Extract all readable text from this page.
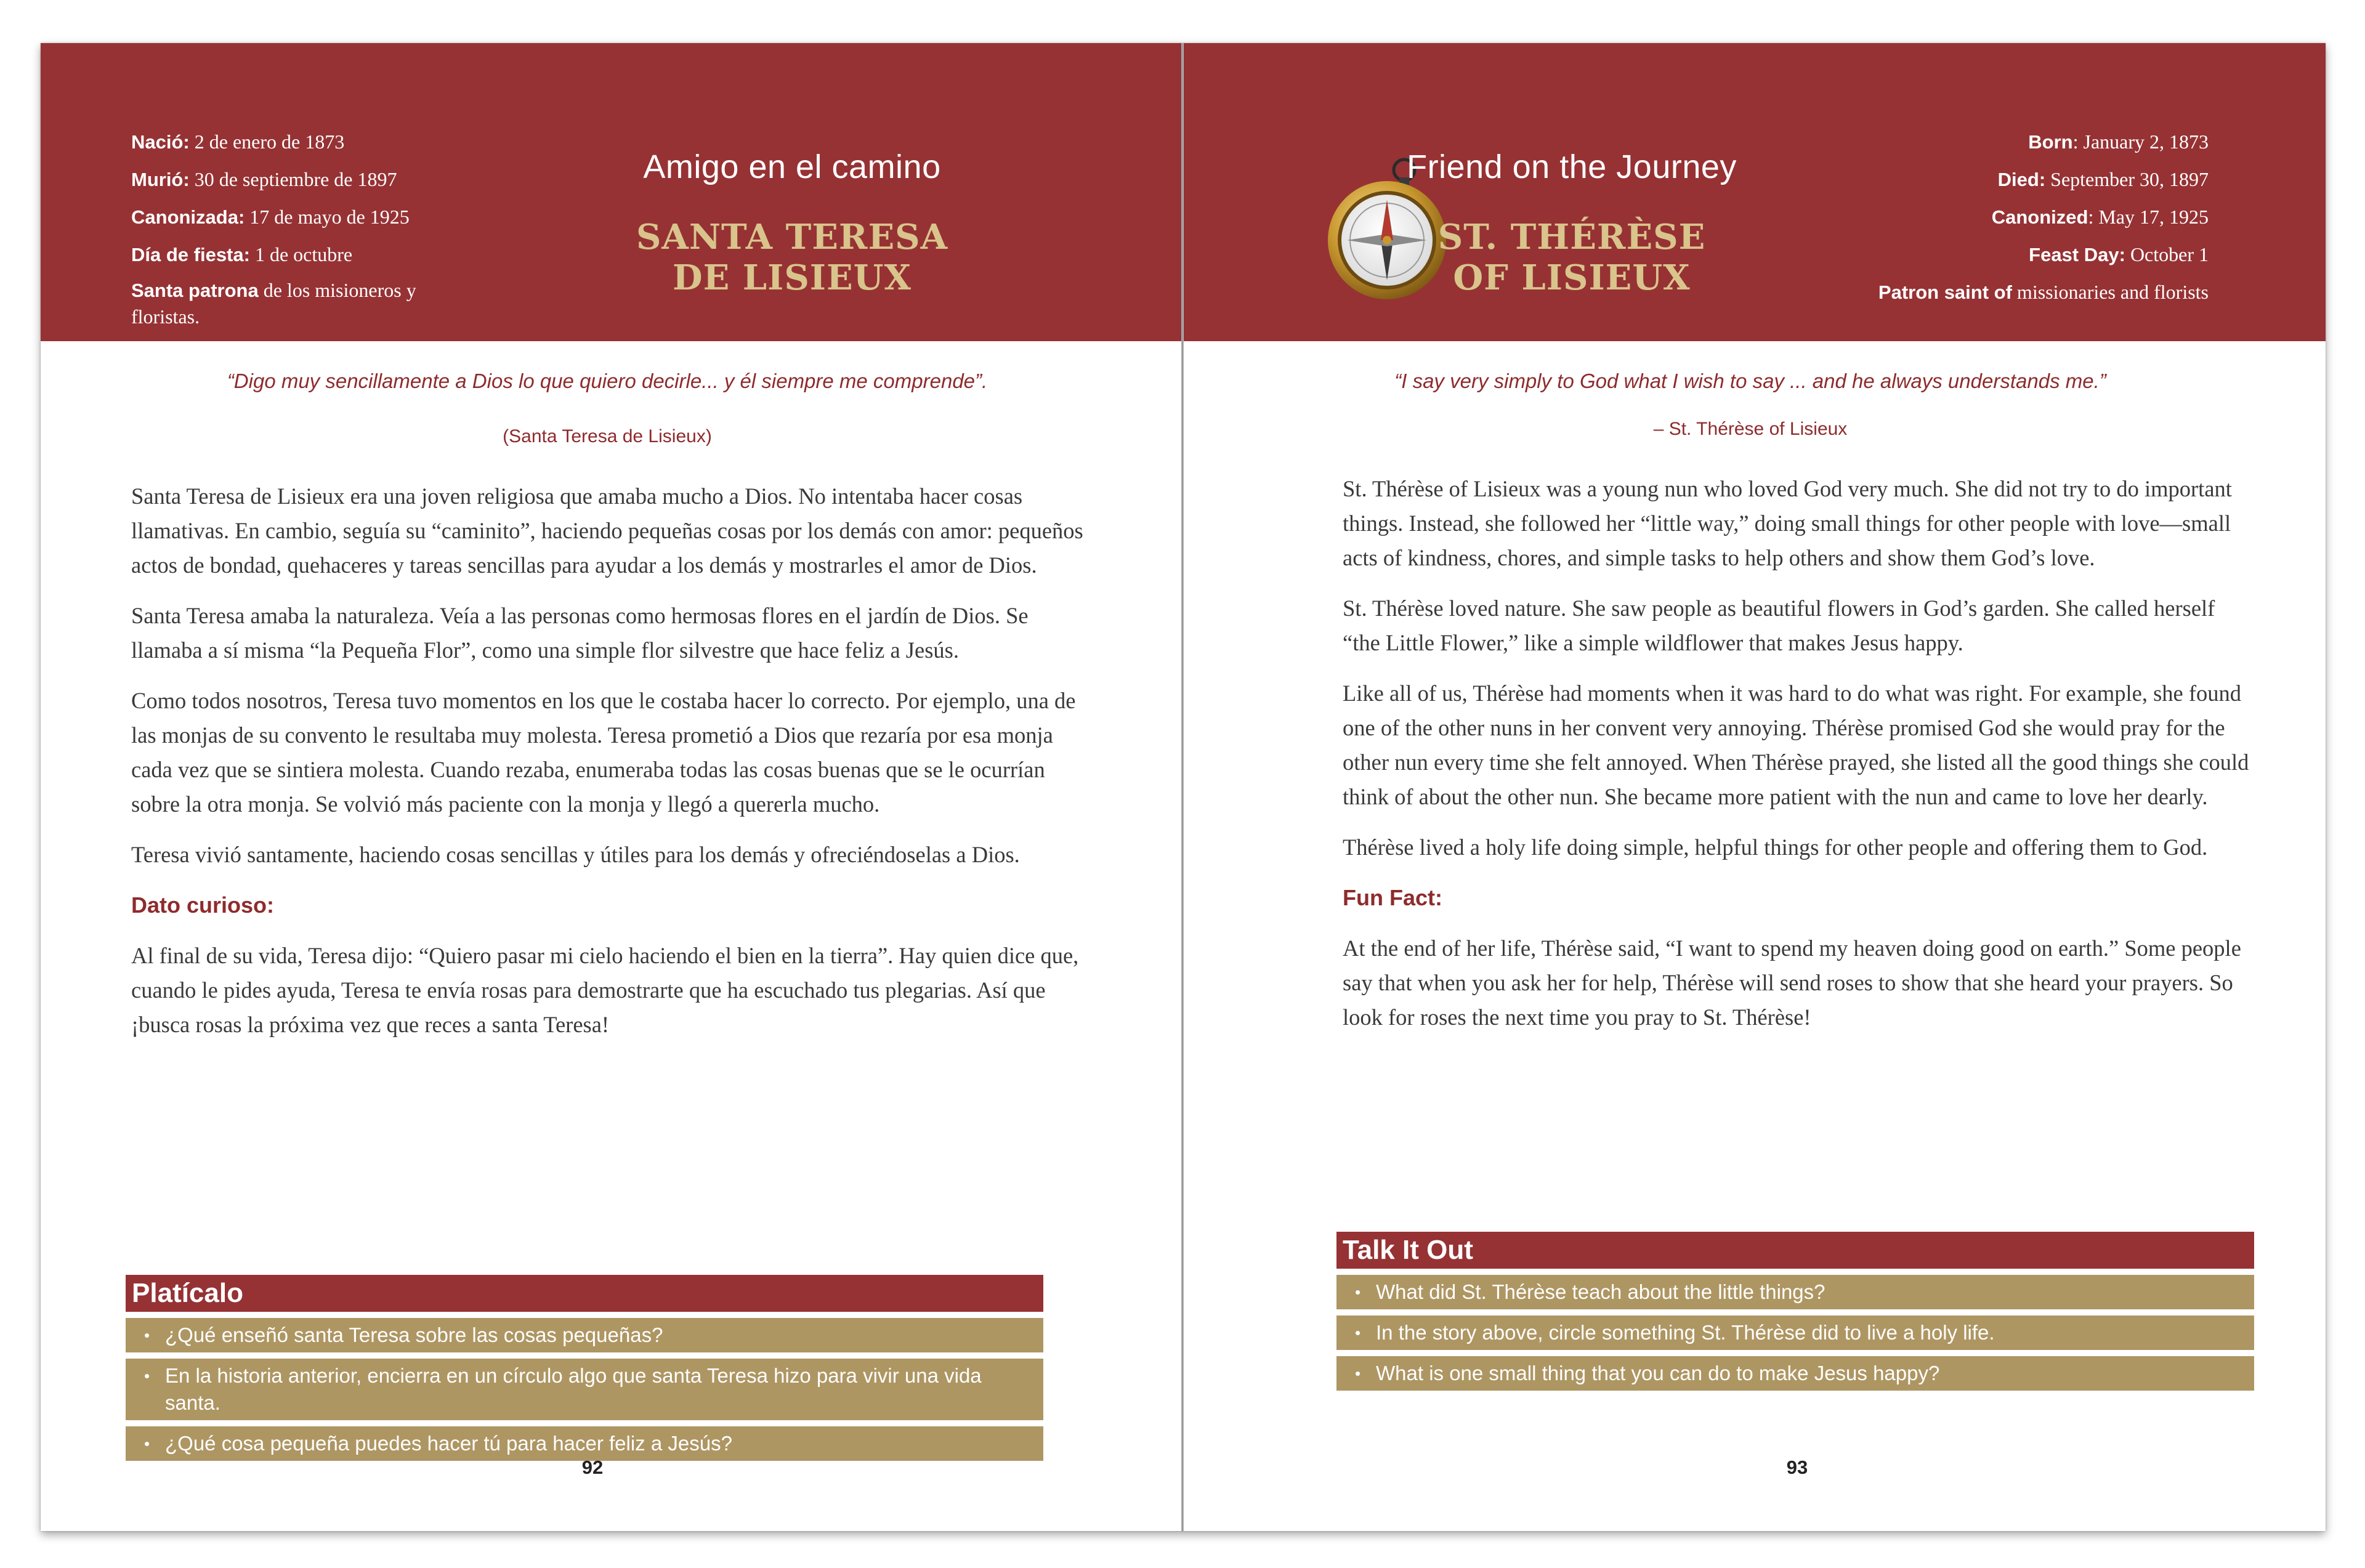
Nació: 2 de enero de 1873
Murió: 30 de septiembre de 1897
Canonizada: 17 de mayo de 1925
Día de fiesta: 1 de octubre
Santa patrona de los misioneros y floristas.
Amigo en el camino
SANTA TERESA
DE LISIEUX
“Digo muy sencillamente a Dios lo que quiero decirle... y él siempre me comprende”.
(Santa Teresa de Lisieux)

Santa Teresa de Lisieux era una joven religiosa que amaba mucho a Dios. No intentaba hacer cosas llamativas. En cambio, seguía su “caminito”, haciendo pequeñas cosas por los demás con amor: pequeños actos de bondad, quehaceres y tareas sencillas para ayudar a los demás y mostrarles el amor de Dios.

Santa Teresa amaba la naturaleza. Veía a las personas como hermosas flores en el jardín de Dios. Se llamaba a sí misma “la Pequeña Flor”, como una simple flor silvestre que hace feliz a Jesús.

Como todos nosotros, Teresa tuvo momentos en los que le costaba hacer lo correcto. Por ejemplo, una de las monjas de su convento le resultaba muy molesta. Teresa prometió a Dios que rezaría por esa monja cada vez que se sintiera molesta. Cuando rezaba, enumeraba todas las cosas buenas que se le ocurrían sobre la otra monja. Se volvió más paciente con la monja y llegó a quererla mucho.

Teresa vivió santamente, haciendo cosas sencillas y útiles para los demás y ofreciéndoselas a Dios.

Dato curioso:

Al final de su vida, Teresa dijo: “Quiero pasar mi cielo haciendo el bien en la tierra”. Hay quien dice que, cuando le pides ayuda, Teresa te envía rosas para demostrarte que ha escuchado tus plegarias. Así que ¡busca rosas la próxima vez que reces a santa Teresa!

Platícalo
• ¿Qué enseñó santa Teresa sobre las cosas pequeñas?
• En la historia anterior, encierra en un círculo algo que santa Teresa hizo para vivir una vida santa.
• ¿Qué cosa pequeña puedes hacer tú para hacer feliz a Jesús?
92
Friend on the Journey
ST. THÉRÈSE
OF LISIEUX
Born: January 2, 1873
Died: September 30, 1897
Canonized: May 17, 1925
Feast Day: October 1
Patron saint of missionaries and florists
“I say very simply to God what I wish to say ... and he always understands me.”
– St. Thérèse of Lisieux

St. Thérèse of Lisieux was a young nun who loved God very much. She did not try to do important things. Instead, she followed her “little way,” doing small things for other people with love—small acts of kindness, chores, and simple tasks to help others and show them God’s love.

St. Thérèse loved nature. She saw people as beautiful flowers in God’s garden. She called herself “the Little Flower,” like a simple wildflower that makes Jesus happy.

Like all of us, Thérèse had moments when it was hard to do what was right. For example, she found one of the other nuns in her convent very annoying. Thérèse promised God she would pray for the other nun every time she felt annoyed. When Thérèse prayed, she listed all the good things she could think of about the other nun. She became more patient with the nun and came to love her dearly.

Thérèse lived a holy life doing simple, helpful things for other people and offering them to God.

Fun Fact:

At the end of her life, Thérèse said, “I want to spend my heaven doing good on earth.” Some people say that when you ask her for help, Thérèse will send roses to show that she heard your prayers. So look for roses the next time you pray to St. Thérèse!

Talk It Out
• What did St. Thérèse teach about the little things?
• In the story above, circle something St. Thérèse did to live a holy life.
• What is one small thing that you can do to make Jesus happy?
93
